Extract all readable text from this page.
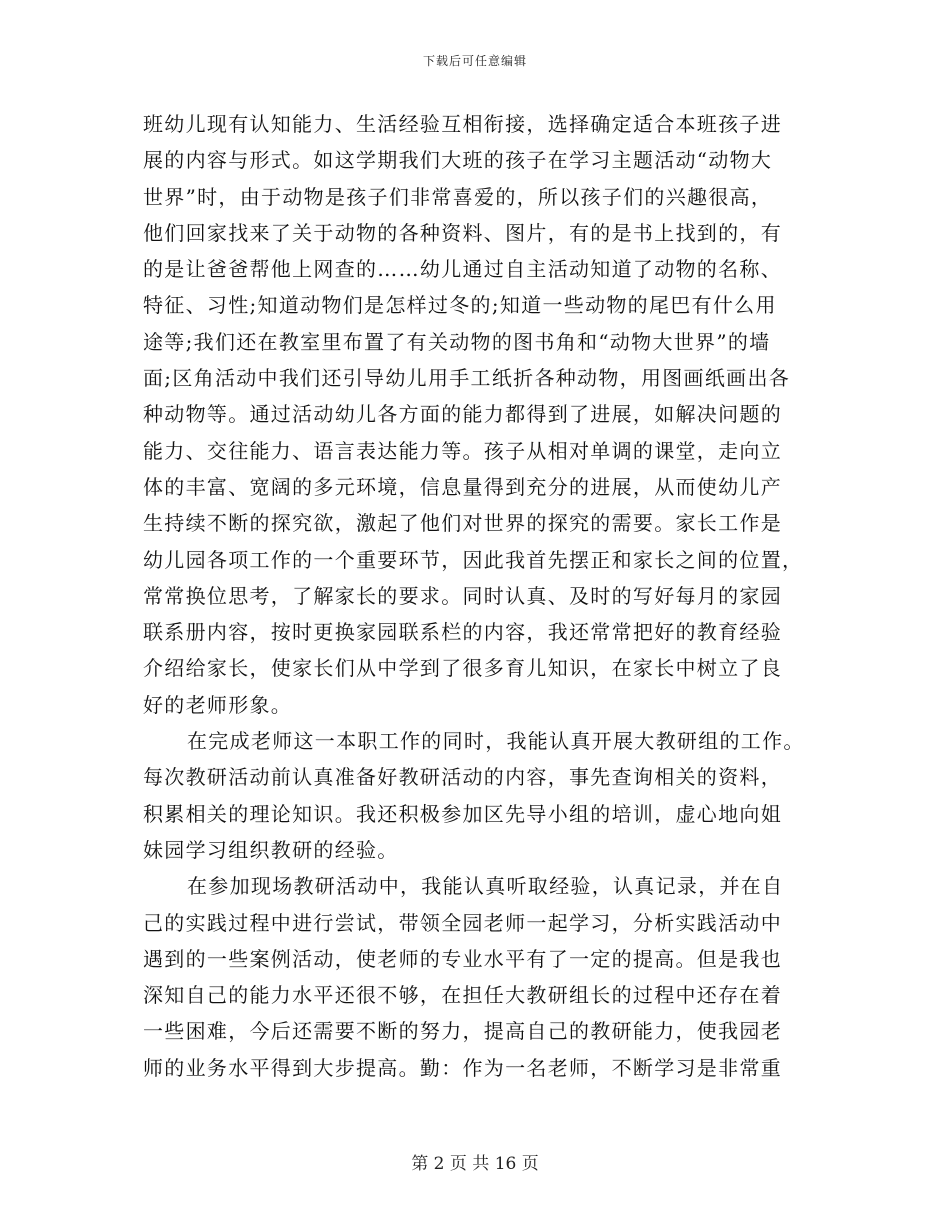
下载后可任意编辑
班幼儿现有认知能力、生活经验互相衔接，选择确定适合本班孩子进
展的内容与形式。如这学期我们大班的孩子在学习主题活动“动物大
世界”时，由于动物是孩子们非常喜爱的，所以孩子们的兴趣很高，
他们回家找来了关于动物的各种资料、图片，有的是书上找到的，有
的是让爸爸帮他上网查的……幼儿通过自主活动知道了动物的名称、
特征、习性;知道动物们是怎样过冬的;知道一些动物的尾巴有什么用
途等;我们还在教室里布置了有关动物的图书角和“动物大世界”的墙
面;区角活动中我们还引导幼儿用手工纸折各种动物，用图画纸画出各
种动物等。通过活动幼儿各方面的能力都得到了进展，如解决问题的
能力、交往能力、语言表达能力等。孩子从相对单调的课堂，走向立
体的丰富、宽阔的多元环境，信息量得到充分的进展，从而使幼儿产
生持续不断的探究欲，激起了他们对世界的探究的需要。家长工作是
幼儿园各项工作的一个重要环节，因此我首先摆正和家长之间的位置，
常常换位思考，了解家长的要求。同时认真、及时的写好每月的家园
联系册内容，按时更换家园联系栏的内容，我还常常把好的教育经验
介绍给家长，使家长们从中学到了很多育儿知识，在家长中树立了良
好的老师形象。
在完成老师这一本职工作的同时，我能认真开展大教研组的工作。
每次教研活动前认真准备好教研活动的内容，事先查询相关的资料，
积累相关的理论知识。我还积极参加区先导小组的培训，虚心地向姐
妹园学习组织教研的经验。
在参加现场教研活动中，我能认真听取经验，认真记录，并在自
己的实践过程中进行尝试，带领全园老师一起学习，分析实践活动中
遇到的一些案例活动，使老师的专业水平有了一定的提高。但是我也
深知自己的能力水平还很不够，在担任大教研组长的过程中还存在着
一些困难，今后还需要不断的努力，提高自己的教研能力，使我园老
师的业务水平得到大步提高。勤：作为一名老师，不断学习是非常重
第 2 页 共 16 页
